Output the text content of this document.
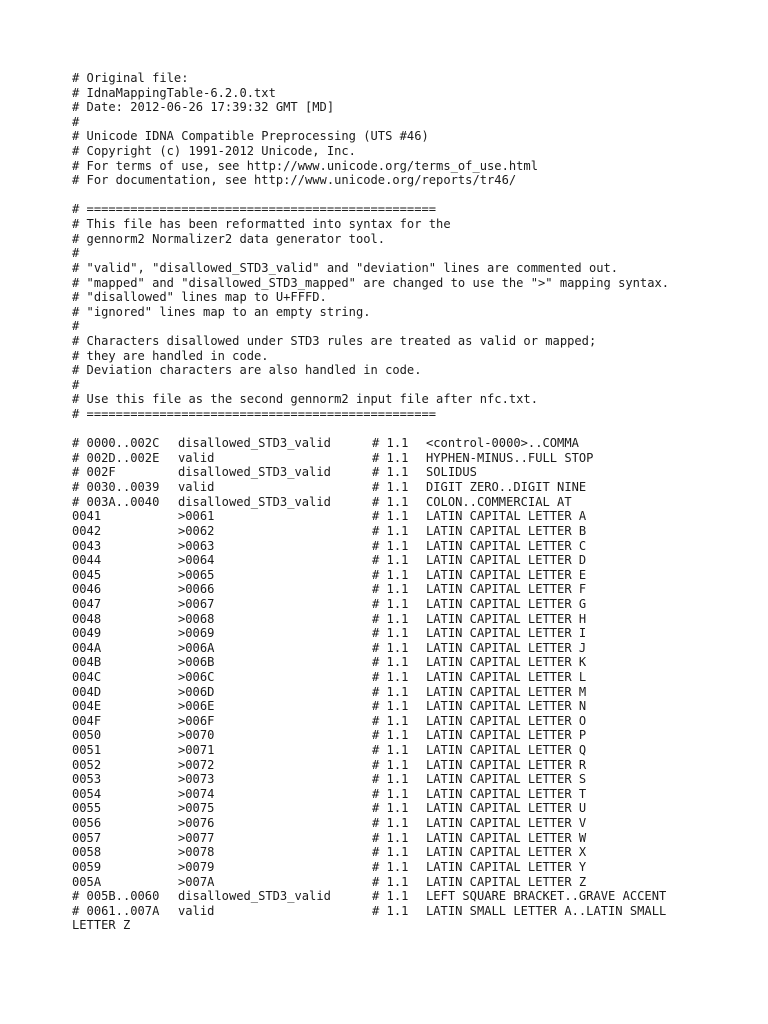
# Original file:
# IdnaMappingTable-6.2.0.txt
# Date: 2012-06-26 17:39:32 GMT [MD]
#
# Unicode IDNA Compatible Preprocessing (UTS #46)
# Copyright (c) 1991-2012 Unicode, Inc.
# For terms of use, see http://www.unicode.org/terms_of_use.html
# For documentation, see http://www.unicode.org/reports/tr46/
# ================================================
# This file has been reformatted into syntax for the
# gennorm2 Normalizer2 data generator tool.
#
# "valid", "disallowed_STD3_valid" and "deviation" lines are commented out.
# "mapped" and "disallowed_STD3_mapped" are changed to use the ">" mapping syntax.
# "disallowed" lines map to U+FFFD.
# "ignored" lines map to an empty string.
#
# Characters disallowed under STD3 rules are treated as valid or mapped;
# they are handled in code.
# Deviation characters are also handled in code.
#
# Use this file as the second gennorm2 input file after nfc.txt.
# ================================================
# 0000..002C disallowed_STD3_valid	# 1.1 <control-0000>..COMMA
# 002D..002E valid	# 1.1 HYPHEN-MINUS..FULL STOP
# 002F	disallowed_STD3_valid	# 1.1 SOLIDUS
# 0030..0039 valid	# 1.1 DIGIT ZERO..DIGIT NINE
# 003A..0040 disallowed_STD3_valid	# 1.1 COLON..COMMERCIAL AT
0041	>0061	# 1.1 LATIN CAPITAL LETTER A
0042	>0062	# 1.1 LATIN CAPITAL LETTER B
0043	>0063	# 1.1 LATIN CAPITAL LETTER C
0044	>0064	# 1.1 LATIN CAPITAL LETTER D
0045	>0065	# 1.1 LATIN CAPITAL LETTER E
0046	>0066	# 1.1 LATIN CAPITAL LETTER F
0047	>0067	# 1.1 LATIN CAPITAL LETTER G
0048	>0068	# 1.1 LATIN CAPITAL LETTER H
0049	>0069	# 1.1 LATIN CAPITAL LETTER I
004A	>006A	# 1.1 LATIN CAPITAL LETTER J
004B	>006B	# 1.1 LATIN CAPITAL LETTER K
004C	>006C	# 1.1 LATIN CAPITAL LETTER L
004D	>006D	# 1.1 LATIN CAPITAL LETTER M
004E	>006E	# 1.1 LATIN CAPITAL LETTER N
004F	>006F	# 1.1 LATIN CAPITAL LETTER O
0050	>0070	# 1.1 LATIN CAPITAL LETTER P
0051	>0071	# 1.1 LATIN CAPITAL LETTER Q
0052	>0072	# 1.1 LATIN CAPITAL LETTER R
0053	>0073	# 1.1 LATIN CAPITAL LETTER S
0054	>0074	# 1.1 LATIN CAPITAL LETTER T
0055	>0075	# 1.1 LATIN CAPITAL LETTER U
0056	>0076	# 1.1 LATIN CAPITAL LETTER V
0057	>0077	# 1.1 LATIN CAPITAL LETTER W
0058	>0078	# 1.1 LATIN CAPITAL LETTER X
0059	>0079	# 1.1 LATIN CAPITAL LETTER Y
005A	>007A	# 1.1 LATIN CAPITAL LETTER Z
# 005B..0060 disallowed_STD3_valid	# 1.1 LEFT SQUARE BRACKET..GRAVE ACCENT
# 0061..007A valid	# 1.1 LATIN SMALL LETTER A..LATIN SMALL
LETTER Z
